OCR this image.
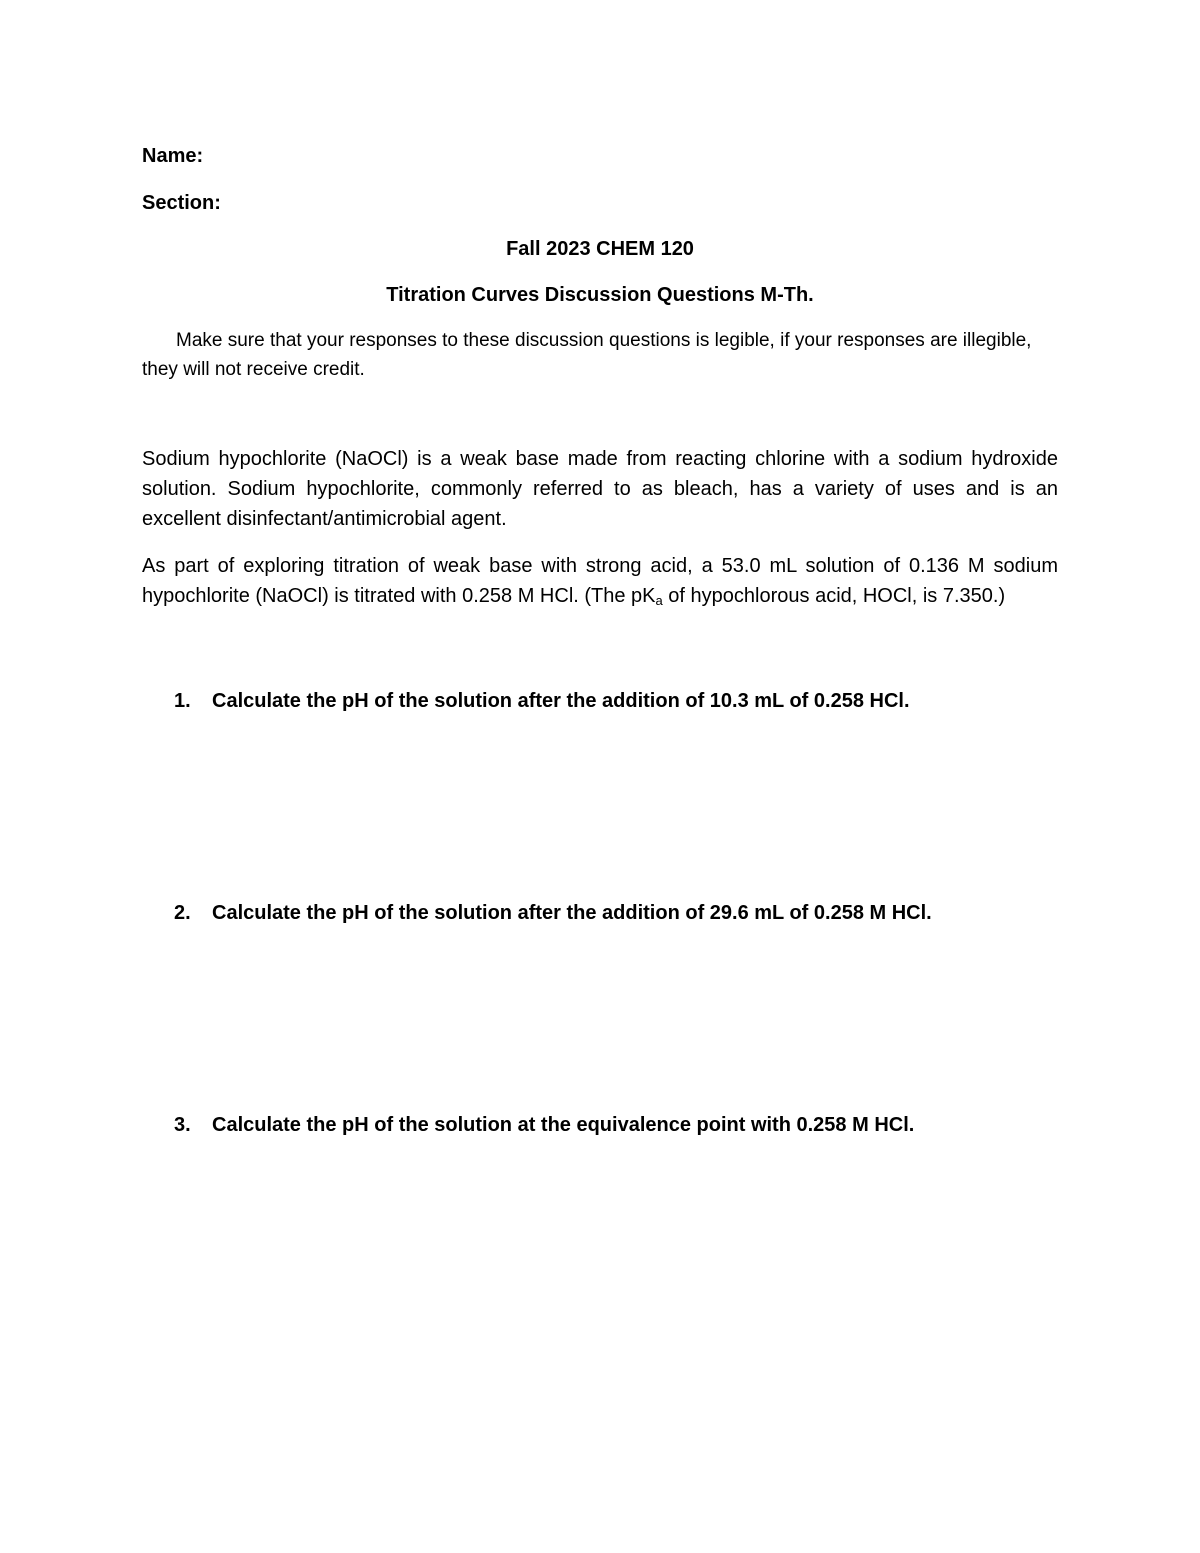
Name:
Section:
Fall 2023 CHEM 120
Titration Curves Discussion Questions M-Th.
Make sure that your responses to these discussion questions is legible, if your responses are illegible, they will not receive credit.
Sodium hypochlorite (NaOCl) is a weak base made from reacting chlorine with a sodium hydroxide solution. Sodium hypochlorite, commonly referred to as bleach, has a variety of uses and is an excellent disinfectant/antimicrobial agent.
As part of exploring titration of weak base with strong acid, a 53.0 mL solution of 0.136 M sodium hypochlorite (NaOCl) is titrated with 0.258 M HCl. (The $pK_a$ of hypochlorous acid, HOCl, is 7.350.)
1. Calculate the pH of the solution after the addition of 10.3 mL of 0.258 HCl.
2. Calculate the pH of the solution after the addition of 29.6 mL of 0.258 M HCl.
3. Calculate the pH of the solution at the equivalence point with 0.258 M HCl.
